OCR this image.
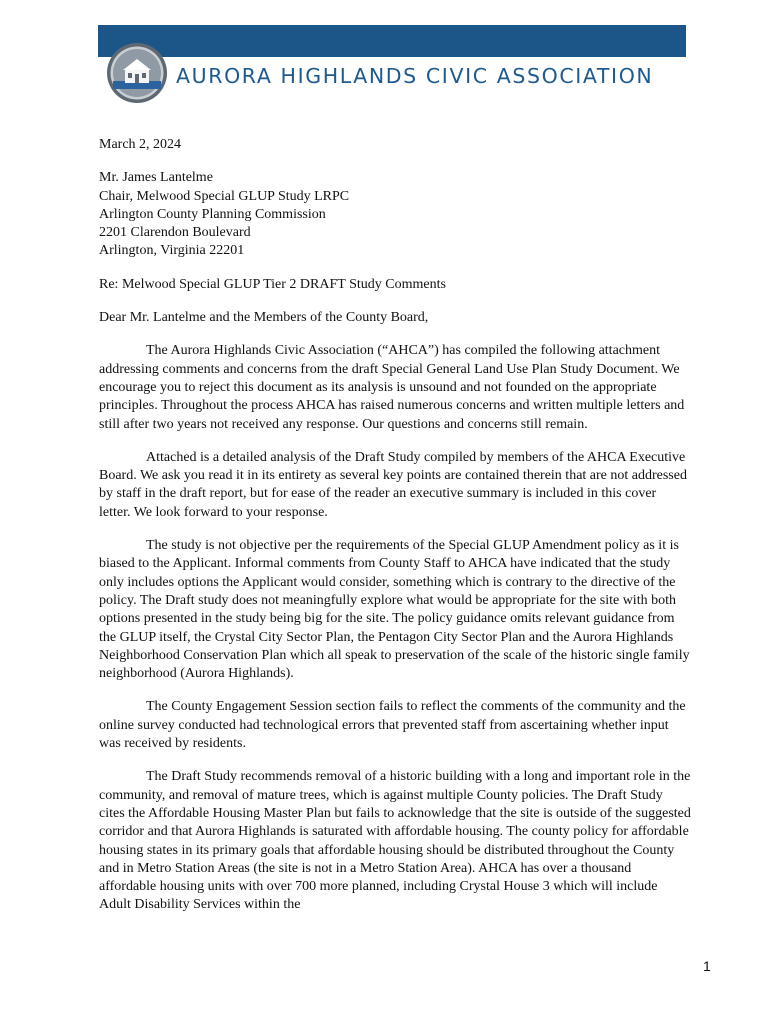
AURORA HIGHLANDS CIVIC ASSOCIATION

March 2, 2024

Mr. James Lantelme

Chair, Melwood Special GLUP Study LRPC

Arlington County Planning Commission

2201 Clarendon Boulevard

Arlington, Virginia 22201

Re: Melwood Special GLUP Tier 2 DRAFT Study Comments

Dear Mr. Lantelme and the Members of the County Board,

The Aurora Highlands Civic Association (“AHCA”) has compiled the following attachment addressing comments and concerns from the draft Special General Land Use Plan Study Document. We encourage you to reject this document as its analysis is unsound and not founded on the appropriate principles. Throughout the process AHCA has raised numerous concerns and written multiple letters and still after two years not received any response. Our questions and concerns still remain.

Attached is a detailed analysis of the Draft Study compiled by members of the AHCA Executive Board. We ask you read it in its entirety as several key points are contained therein that are not addressed by staff in the draft report, but for ease of the reader an executive summary is included in this cover letter. We look forward to your response.

The study is not objective per the requirements of the Special GLUP Amendment policy as it is biased to the Applicant. Informal comments from County Staff to AHCA have indicated that the study only includes options the Applicant would consider, something which is contrary to the directive of the policy. The Draft study does not meaningfully explore what would be appropriate for the site with both options presented in the study being big for the site. The policy guidance omits relevant guidance from the GLUP itself, the Crystal City Sector Plan, the Pentagon City Sector Plan and the Aurora Highlands Neighborhood Conservation Plan which all speak to preservation of the scale of the historic single family neighborhood (Aurora Highlands).

The County Engagement Session section fails to reflect the comments of the community and the online survey conducted had technological errors that prevented staff from ascertaining whether input was received by residents.

The Draft Study recommends removal of a historic building with a long and important role in the community, and removal of mature trees, which is against multiple County policies. The Draft Study cites the Affordable Housing Master Plan but fails to acknowledge that the site is outside of the suggested corridor and that Aurora Highlands is saturated with affordable housing. The county policy for affordable housing states in its primary goals that affordable housing should be distributed throughout the County and in Metro Station Areas (the site is not in a Metro Station Area). AHCA has over a thousand affordable housing units with over 700 more planned, including Crystal House 3 which will include Adult Disability Services within the

1
